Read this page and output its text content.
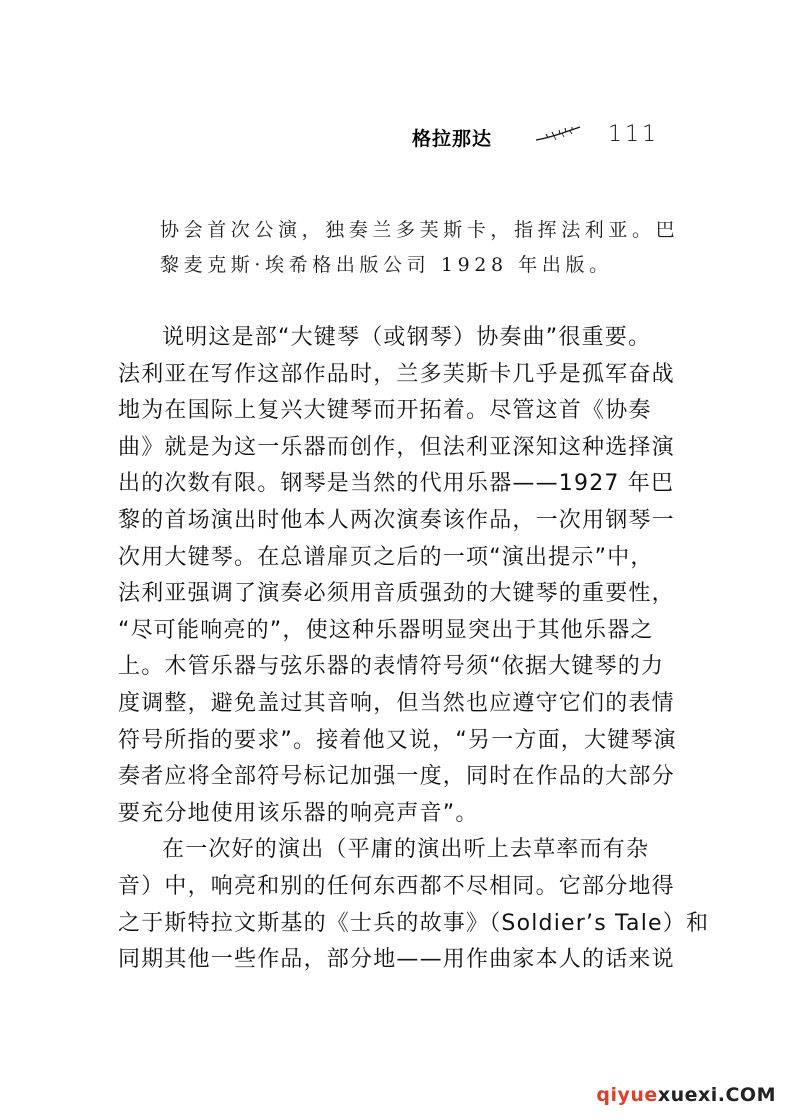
格拉那达	111

协会首次公演，独奏兰多芙斯卡，指挥法利亚。巴

黎麦克斯·埃希格出版公司 1928 年出版。

说明这是部“大键琴（或钢琴）协奏曲”很重要。

法利亚在写作这部作品时，兰多芙斯卡几乎是孤军奋战

地为在国际上复兴大键琴而开拓着。尽管这首《协奏

曲》就是为这一乐器而创作，但法利亚深知这种选择演

出的次数有限。钢琴是当然的代用乐器——1927 年巴

黎的首场演出时他本人两次演奏该作品，一次用钢琴一

次用大键琴。在总谱扉页之后的一项“演出提示”中，

法利亚强调了演奏必须用音质强劲的大键琴的重要性，

“尽可能响亮的”，使这种乐器明显突出于其他乐器之

上。木管乐器与弦乐器的表情符号须“依据大键琴的力

度调整，避免盖过其音响，但当然也应遵守它们的表情

符号所指的要求”。接着他又说，“另一方面，大键琴演

奏者应将全部符号标记加强一度，同时在作品的大部分

要充分地使用该乐器的响亮声音”。

在一次好的演出（平庸的演出听上去草率而有杂

音）中，响亮和别的任何东西都不尽相同。它部分地得

之于斯特拉文斯基的《士兵的故事》（Soldier’s Tale）和

同期其他一些作品，部分地——用作曲家本人的话来说

qiyuexuexi.COM
